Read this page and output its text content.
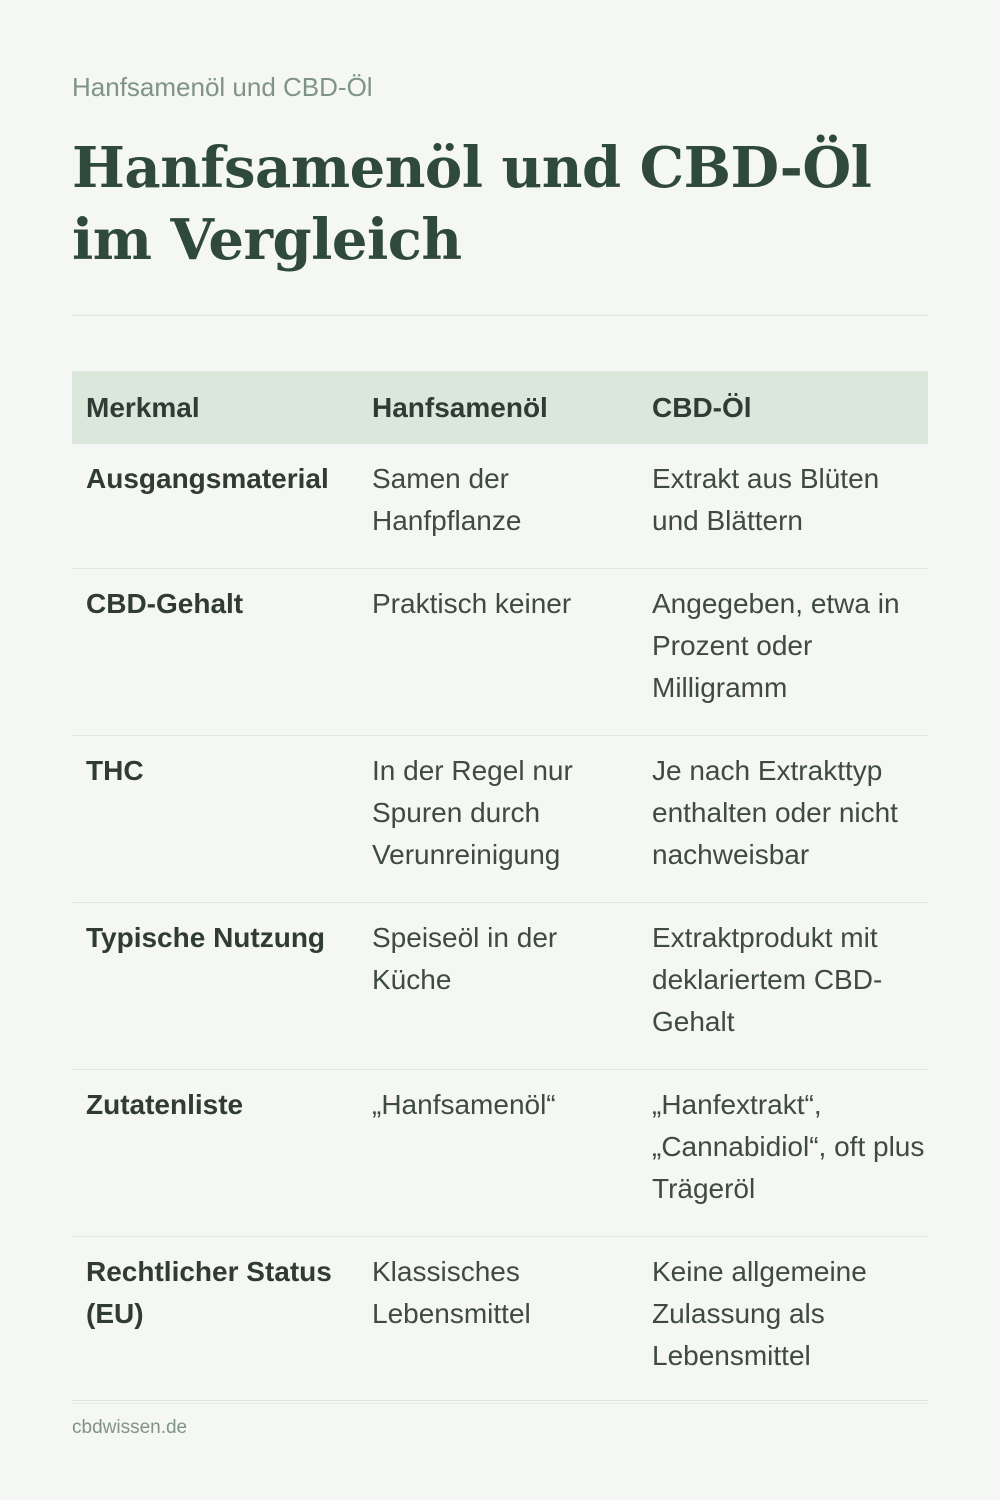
Hanfsamenöl und CBD-Öl
Hanfsamenöl und CBD-Öl im Vergleich
Merkmal	Hanfsamenöl	CBD-Öl
Ausgangsmaterial	Samen der Hanfpflanze	Extrakt aus Blüten und Blättern
CBD-Gehalt	Praktisch keiner	Angegeben, etwa in Prozent oder Milligramm
THC	In der Regel nur Spuren durch Verunreinigung	Je nach Extrakttyp enthalten oder nicht nachweisbar
Typische Nutzung	Speiseöl in der Küche	Extraktprodukt mit deklariertem CBD-Gehalt
Zutatenliste	„Hanfsamenöl“	„Hanfextrakt“, „Cannabidiol“, oft plus Trägeröl
Rechtlicher Status (EU)	Klassisches Lebensmittel	Keine allgemeine Zulassung als Lebensmittel
cbdwissen.de
